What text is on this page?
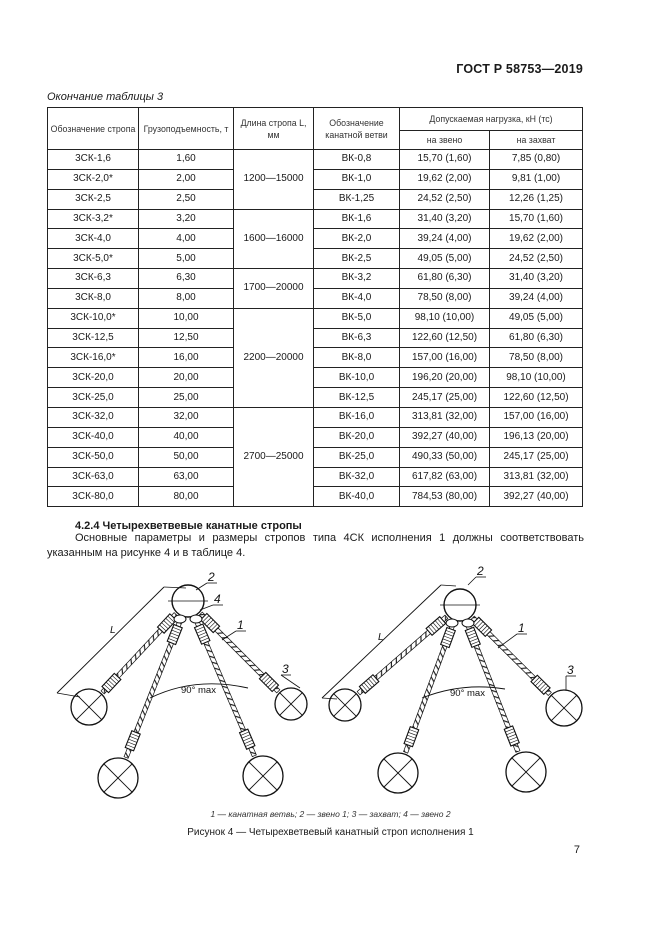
ГОСТ Р 58753—2019
Окончание таблицы 3
Обозначение стропа	Грузоподъемность, т	Длина стропа L, мм	Обозначение канатной ветви	Допускаемая нагрузка, кН (тс)	
				на звено	на захват
3СК-1,6	1,60	1200—15000	ВК-0,8	15,70 (1,60)	7,85 (0,80)
3СК-2,0*	2,00		ВК-1,0	19,62 (2,00)	9,81 (1,00)
3СК-2,5	2,50		ВК-1,25	24,52 (2,50)	12,26 (1,25)
3СК-3,2*	3,20	1600—16000	ВК-1,6	31,40 (3,20)	15,70 (1,60)
3СК-4,0	4,00		ВК-2,0	39,24 (4,00)	19,62 (2,00)
3СК-5,0*	5,00		ВК-2,5	49,05 (5,00)	24,52 (2,50)
3СК-6,3	6,30	1700—20000	ВК-3,2	61,80 (6,30)	31,40 (3,20)
3СК-8,0	8,00		ВК-4,0	78,50 (8,00)	39,24 (4,00)
3СК-10,0*	10,00	2200—20000	ВК-5,0	98,10 (10,00)	49,05 (5,00)
3СК-12,5	12,50		ВК-6,3	122,60 (12,50)	61,80 (6,30)
3СК-16,0*	16,00		ВК-8,0	157,00 (16,00)	78,50 (8,00)
3СК-20,0	20,00		ВК-10,0	196,20 (20,00)	98,10 (10,00)
3СК-25,0	25,00		ВК-12,5	245,17 (25,00)	122,60 (12,50)
3СК-32,0	32,00	2700—25000	ВК-16,0	313,81 (32,00)	157,00 (16,00)
3СК-40,0	40,00		ВК-20,0	392,27 (40,00)	196,13 (20,00)
3СК-50,0	50,00		ВК-25,0	490,33 (50,00)	245,17 (25,00)
3СК-63,0	63,00		ВК-32,0	617,82 (63,00)	313,81 (32,00)
3СК-80,0	80,00		ВК-40,0	784,53 (80,00)	392,27 (40,00)
4.2.4 Четырехветвевые канатные стропы
Основные параметры и размеры стропов типа 4СК исполнения 1 должны соответствовать указанным на рисунке 4 и в таблице 4.
90° max
L
2
4
1
3
90° max
L
2
1
3
1 — канатная ветвь; 2 — звено 1; 3 — захват; 4 — звено 2
Рисунок 4 — Четырехветвевый канатный строп исполнения 1
7
